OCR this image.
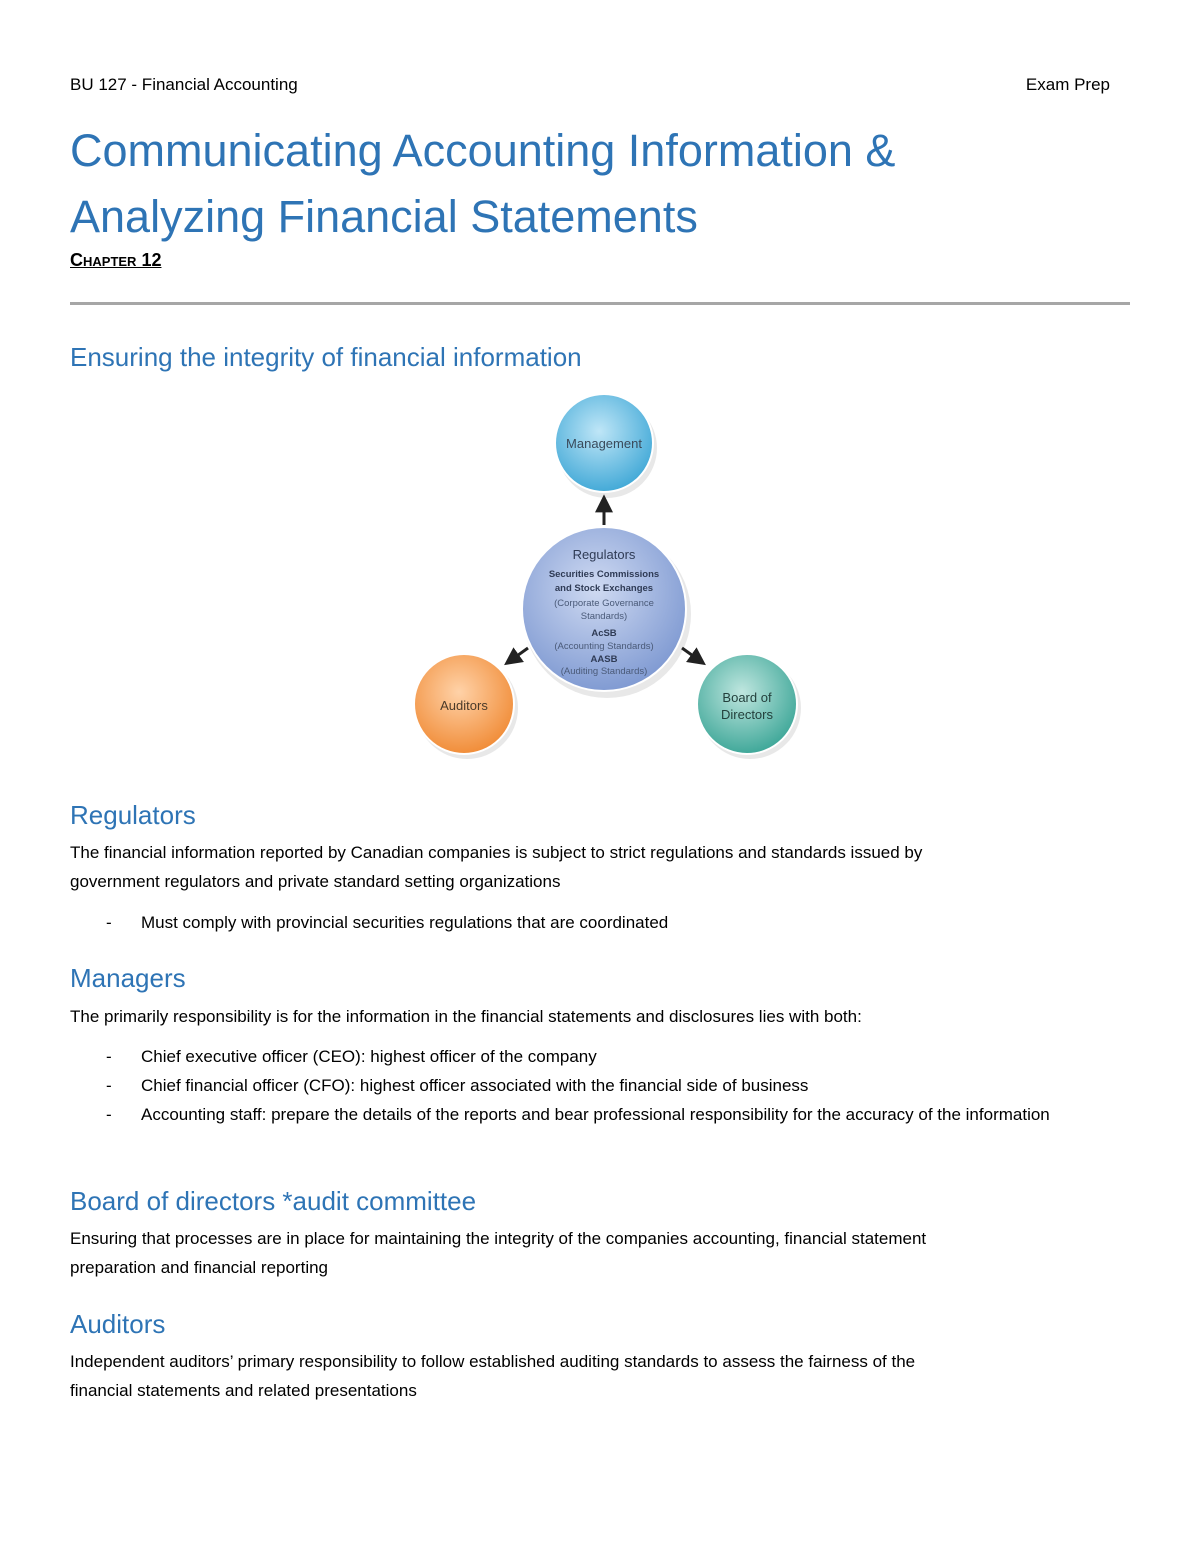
BU 127 - Financial Accounting	Exam Prep
Communicating Accounting Information &
Analyzing Financial Statements
Chapter 12
Ensuring the integrity of financial information
Management
Regulators
Securities Commissions
and Stock Exchanges
(Corporate Governance
Standards)
AcSB
(Accounting Standards)
AASB
(Auditing Standards)
Auditors
Board of
Directors
Regulators
The financial information reported by Canadian companies is subject to strict regulations and standards issued by
government regulators and private standard setting organizations
- Must comply with provincial securities regulations that are coordinated
Managers
The primarily responsibility is for the information in the financial statements and disclosures lies with both:
- Chief executive officer (CEO): highest officer of the company
- Chief financial officer (CFO): highest officer associated with the financial side of business
- Accounting staff: prepare the details of the reports and bear professional responsibility for the accuracy of the information
Board of directors *audit committee
Ensuring that processes are in place for maintaining the integrity of the companies accounting, financial statement
preparation and financial reporting
Auditors
Independent auditors’ primary responsibility to follow established auditing standards to assess the fairness of the
financial statements and related presentations
